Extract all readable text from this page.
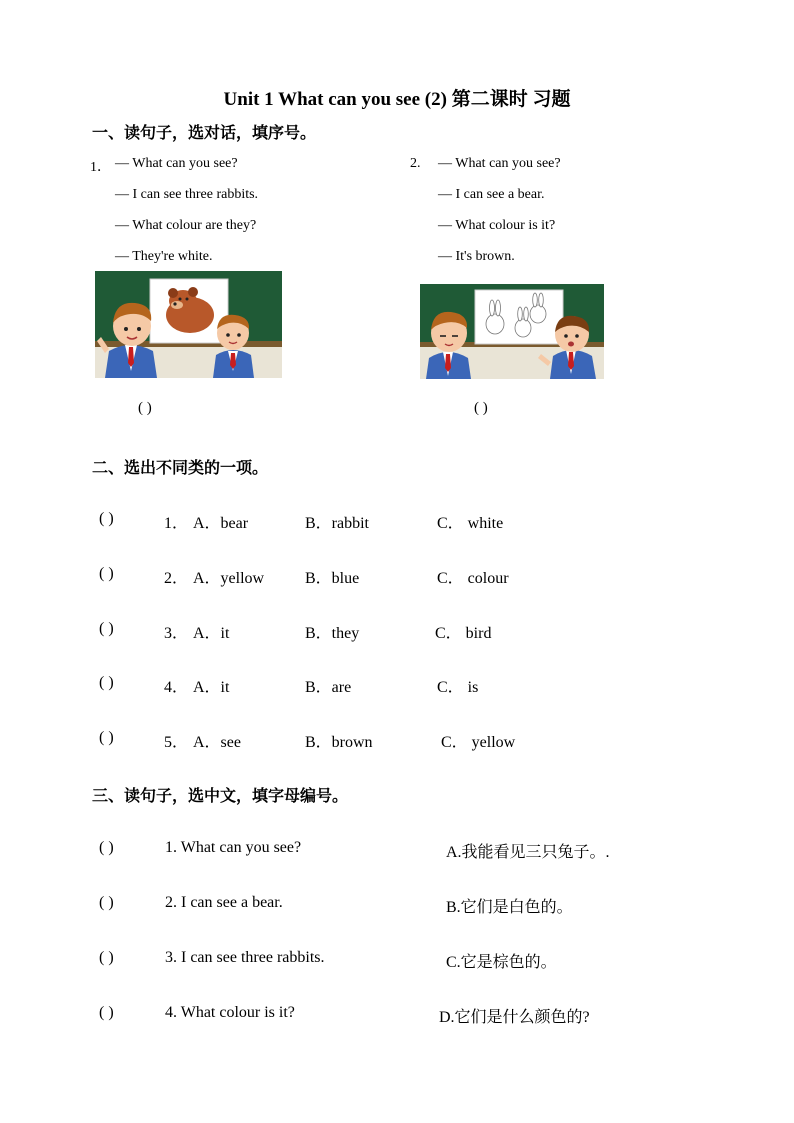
Unit 1 What can you see (2) 第二课时 习题
一、读句子，选对话，填序号。
1． — What can you see?
— I can see three rabbits.
— What colour are they?
— They're white.
2. — What can you see?
— I can see a bear.
— What colour is it?
— It's brown.
( )	( )
二、选出不同类的一项。
( )	1． A．bear	B．rabbit	C． white
( )	2． A．yellow	B．blue	C． colour
( )	3． A．it	B．they	C． bird
( )	4． A．it	B．are	C． is
( )	5． A．see	B．brown	C． yellow
三、读句子，选中文，填字母编号。
( )	1. What can you see?	A.我能看见三只兔子。.
( )	2. I can see a bear.	B.它们是白色的。
( )	3. I can see three rabbits.	C.它是棕色的。
( )	4. What colour is it?	D.它们是什么颜色的?
